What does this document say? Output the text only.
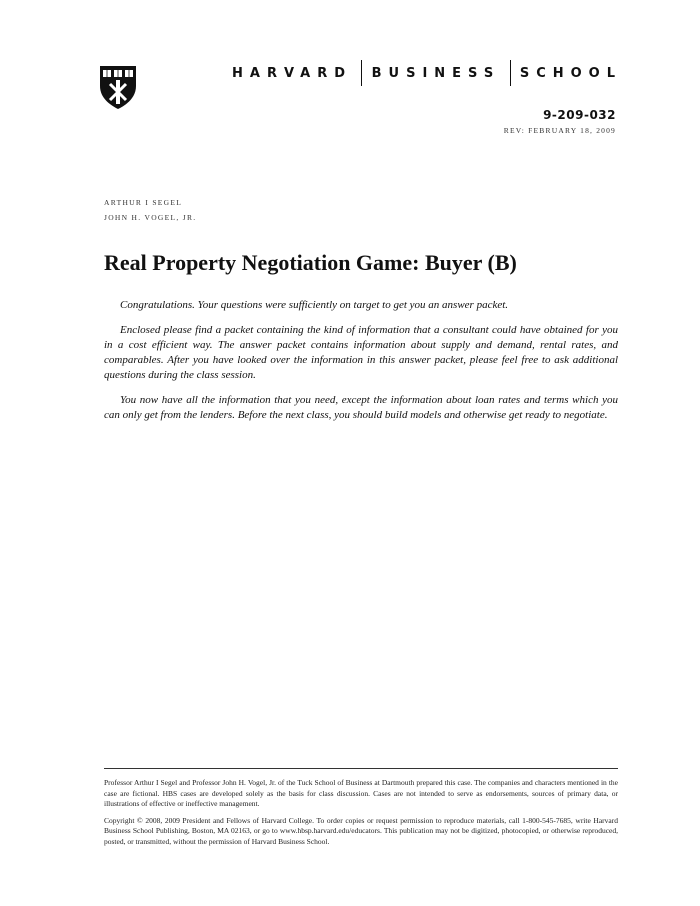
HARVARD BUSINESS SCHOOL
9-209-032
REV: FEBRUARY 18, 2009
ARTHUR I SEGEL
JOHN H. VOGEL, JR.
Real Property Negotiation Game: Buyer (B)

Congratulations. Your questions were sufficiently on target to get you an answer packet.

Enclosed please find a packet containing the kind of information that a consultant could have obtained for you in a cost efficient way. The answer packet contains information about supply and demand, rental rates, and comparables. After you have looked over the information in this answer packet, please feel free to ask additional questions during the class session.

You now have all the information that you need, except the information about loan rates and terms which you can only get from the lenders. Before the next class, you should build models and otherwise get ready to negotiate.

Professor Arthur I Segel and Professor John H. Vogel, Jr. of the Tuck School of Business at Dartmouth prepared this case. The companies and characters mentioned in the case are fictional. HBS cases are developed solely as the basis for class discussion. Cases are not intended to serve as endorsements, sources of primary data, or illustrations of effective or ineffective management.

Copyright © 2008, 2009 President and Fellows of Harvard College. To order copies or request permission to reproduce materials, call 1-800-545-7685, write Harvard Business School Publishing, Boston, MA 02163, or go to www.hbsp.harvard.edu/educators. This publication may not be digitized, photocopied, or otherwise reproduced, posted, or transmitted, without the permission of Harvard Business School.
